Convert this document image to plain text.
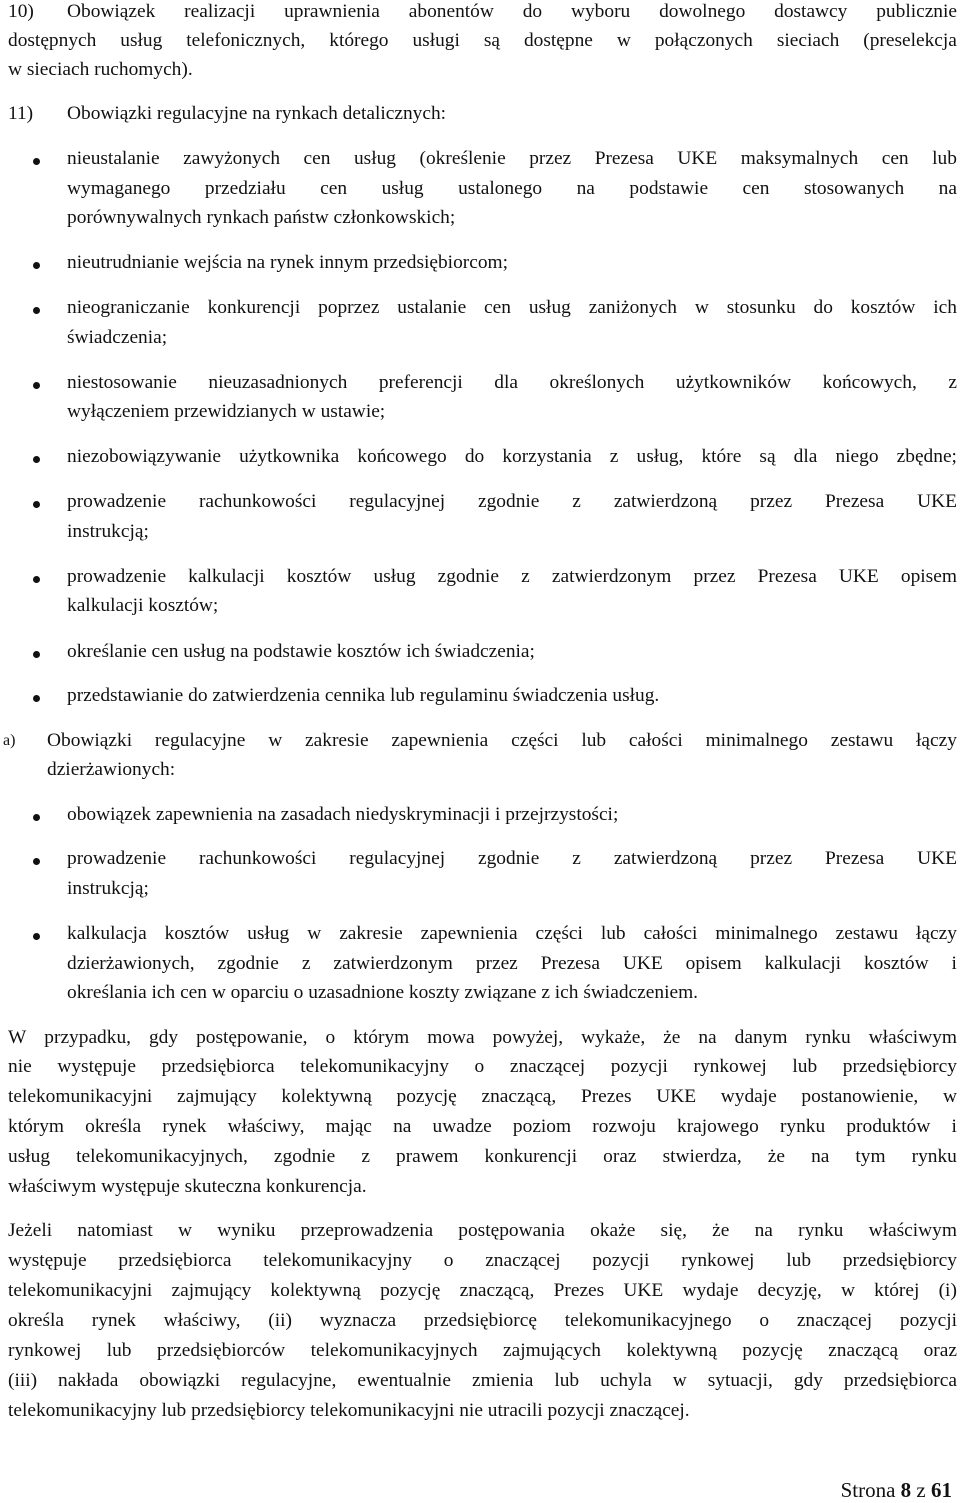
10) Obowiązek realizacji uprawnienia abonentów do wyboru dowolnego dostawcy publicznie
dostępnych usług telefonicznych, którego usługi są dostępne w połączonych sieciach (preselekcja
w sieciach ruchomych).
11) Obowiązki regulacyjne na rynkach detalicznych:
nieustalanie zawyżonych cen usług (określenie przez Prezesa UKE maksymalnych cen lub
wymaganego przedziału cen usług ustalonego na podstawie cen stosowanych na
porównywalnych rynkach państw członkowskich;
nieutrudnianie wejścia na rynek innym przedsiębiorcom;
nieograniczanie konkurencji poprzez ustalanie cen usług zaniżonych w stosunku do kosztów ich
świadczenia;
niestosowanie nieuzasadnionych preferencji dla określonych użytkowników końcowych, z
wyłączeniem przewidzianych w ustawie;
niezobowiązywanie użytkownika końcowego do korzystania z usług, które są dla niego zbędne;
prowadzenie rachunkowości regulacyjnej zgodnie z zatwierdzoną przez Prezesa UKE
instrukcją;
prowadzenie kalkulacji kosztów usług zgodnie z zatwierdzonym przez Prezesa UKE opisem
kalkulacji kosztów;
określanie cen usług na podstawie kosztów ich świadczenia;
przedstawianie do zatwierdzenia cennika lub regulaminu świadczenia usług.
a) Obowiązki regulacyjne w zakresie zapewnienia części lub całości minimalnego zestawu łączy
dzierżawionych:
obowiązek zapewnienia na zasadach niedyskryminacji i przejrzystości;
prowadzenie rachunkowości regulacyjnej zgodnie z zatwierdzoną przez Prezesa UKE
instrukcją;
kalkulacja kosztów usług w zakresie zapewnienia części lub całości minimalnego zestawu łączy
dzierżawionych, zgodnie z zatwierdzonym przez Prezesa UKE opisem kalkulacji kosztów i
określania ich cen w oparciu o uzasadnione koszty związane z ich świadczeniem.
W przypadku, gdy postępowanie, o którym mowa powyżej, wykaże, że na danym rynku właściwym
nie występuje przedsiębiorca telekomunikacyjny o znaczącej pozycji rynkowej lub przedsiębiorcy
telekomunikacyjni zajmujący kolektywną pozycję znaczącą, Prezes UKE wydaje postanowienie, w
którym określa rynek właściwy, mając na uwadze poziom rozwoju krajowego rynku produktów i
usług telekomunikacyjnych, zgodnie z prawem konkurencji oraz stwierdza, że na tym rynku
właściwym występuje skuteczna konkurencja.
Jeżeli natomiast w wyniku przeprowadzenia postępowania okaże się, że na rynku właściwym
występuje przedsiębiorca telekomunikacyjny o znaczącej pozycji rynkowej lub przedsiębiorcy
telekomunikacyjni zajmujący kolektywną pozycję znaczącą, Prezes UKE wydaje decyzję, w której (i)
określa rynek właściwy, (ii) wyznacza przedsiębiorcę telekomunikacyjnego o znaczącej pozycji
rynkowej lub przedsiębiorców telekomunikacyjnych zajmujących kolektywną pozycję znaczącą oraz
(iii) nakłada obowiązki regulacyjne, ewentualnie zmienia lub uchyla w sytuacji, gdy przedsiębiorca
telekomunikacyjny lub przedsiębiorcy telekomunikacyjni nie utracili pozycji znaczącej.
Strona 8 z 61
